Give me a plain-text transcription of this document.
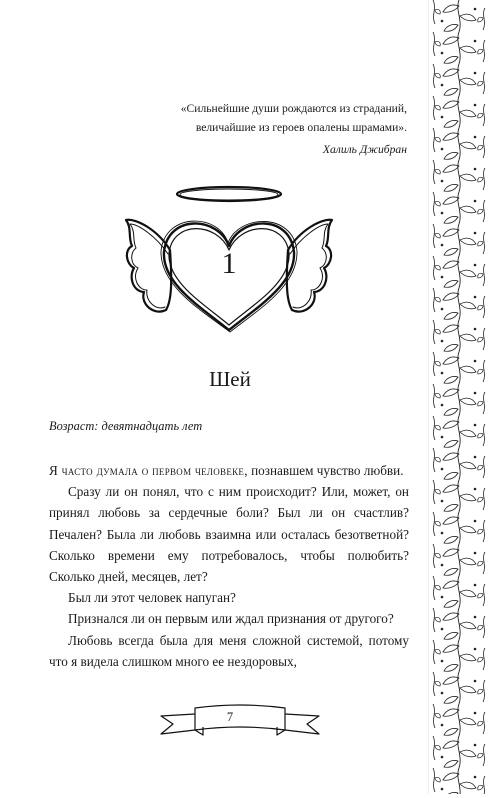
«Сильнейшие души рождаются из страданий,
величайшие из героев опалены шрамами».
Халиль Джибран
1
Шей
Возраст: девятнадцать лет

Я часто думала о первом человеке, познавшем чувство любви.

Сразу ли он понял, что с ним происходит? Или, может, он принял любовь за сердечные боли? Был ли он счастлив? Печален? Была ли любовь взаимна или осталась безответной? Сколько времени ему потребовалось, чтобы полюбить? Сколько дней, месяцев, лет?

Был ли этот человек напуган?

Признался ли он первым или ждал признания от другого?

Любовь всегда была для меня сложной системой, потому что я видела слишком много ее нездоровых,

7
